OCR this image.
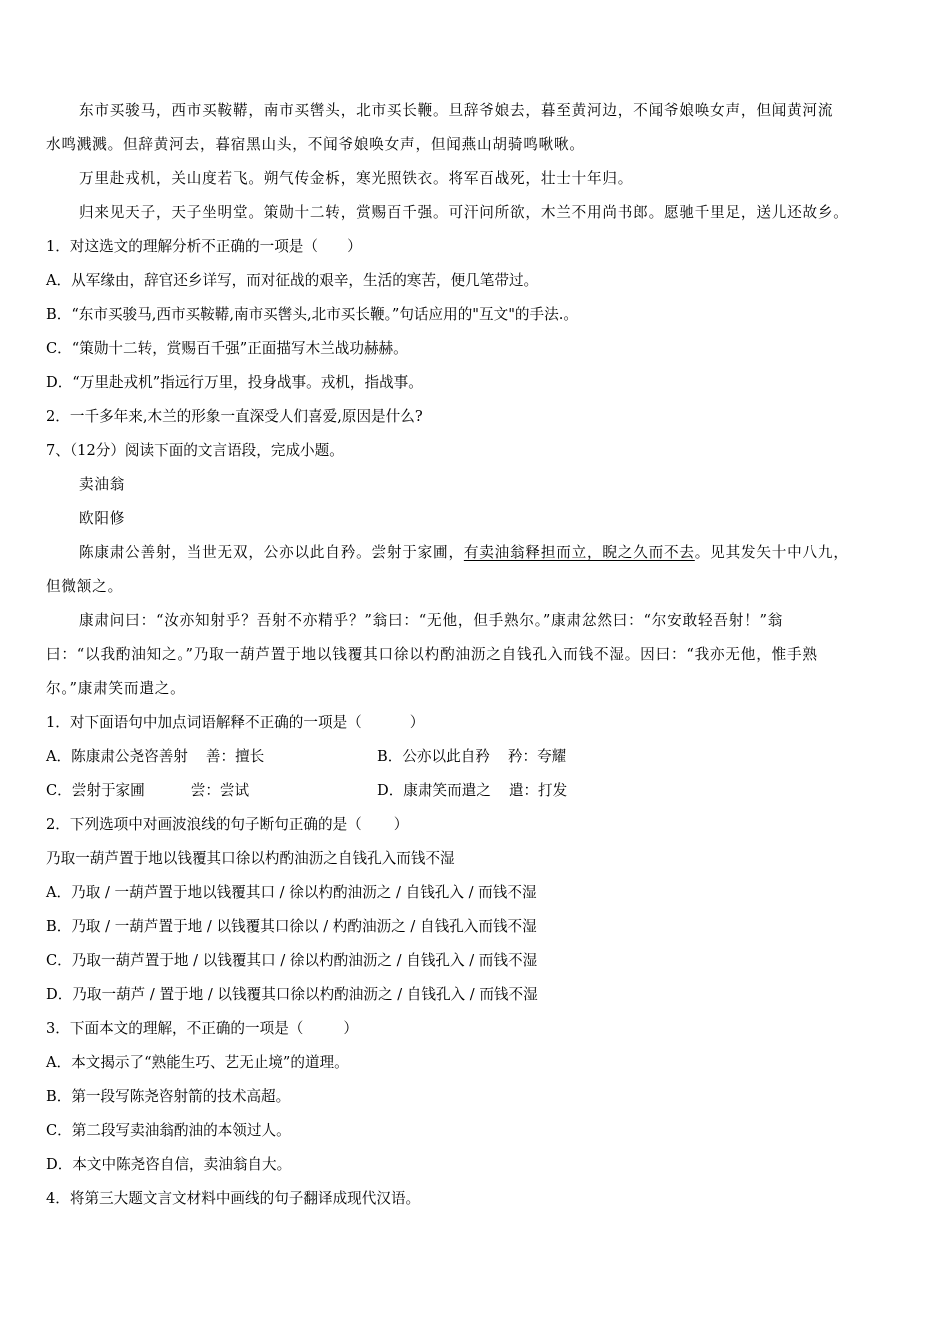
东市买骏马，西市买鞍鞯，南市买辔头，北市买长鞭。旦辞爷娘去，暮至黄河边，不闻爷娘唤女声，但闻黄河流

水鸣溅溅。但辞黄河去，暮宿黑山头，不闻爷娘唤女声，但闻燕山胡骑鸣啾啾。

万里赴戎机，关山度若飞。朔气传金柝，寒光照铁衣。将军百战死，壮士十年归。

归来见天子，天子坐明堂。策勋十二转，赏赐百千强。可汗问所欲，木兰不用尚书郎。愿驰千里足，送儿还故乡。

1．对这选文的理解分析不正确的一项是（　　）

A．从军缘由，辞官还乡详写，而对征战的艰辛，生活的寒苦，便几笔带过。

B．“东市买骏马,西市买鞍鞯,南市买辔头,北市买长鞭。”句话应用的"互文"的手法.。

C．“策勋十二转，赏赐百千强”正面描写木兰战功赫赫。

D．“万里赴戎机”指远行万里，投身战事。戎机，指战事。

2．一千多年来,木兰的形象一直深受人们喜爱,原因是什么?

7、（12分）阅读下面的文言语段，完成小题。

卖油翁

欧阳修

陈康肃公善射，当世无双，公亦以此自矜。尝射于家圃，有卖油翁释担而立，睨之久而不去。见其发矢十中八九，

但微颔之。

康肃问曰：“汝亦知射乎？吾射不亦精乎？”翁曰：“无他，但手熟尔。”康肃忿然曰：“尔安敢轻吾射！”翁

曰：“以我酌油知之。”乃取一葫芦置于地以钱覆其口徐以杓酌油沥之自钱孔入而钱不湿。因曰：“我亦无他，惟手熟

尔。”康肃笑而遣之。

1．对下面语句中加点词语解释不正确的一项是（	）

A．陈康肃公尧咨善射 善：擅长	B．公亦以此自矜 矜：夸耀

C．尝射于家圃	尝：尝试	D．康肃笑而遣之 遣：打发

2．下列选项中对画波浪线的句子断句正确的是（ ）

乃取一葫芦置于地以钱覆其口徐以杓酌油沥之自钱孔入而钱不湿

A．乃取 / 一葫芦置于地以钱覆其口 / 徐以杓酌油沥之 / 自钱孔入 / 而钱不湿

B．乃取 / 一葫芦置于地 / 以钱覆其口徐以 / 杓酌油沥之 / 自钱孔入而钱不湿

C．乃取一葫芦置于地 / 以钱覆其口 / 徐以杓酌油沥之 / 自钱孔入 / 而钱不湿

D．乃取一葫芦 / 置于地 / 以钱覆其口徐以杓酌油沥之 / 自钱孔入 / 而钱不湿

3．下面本文的理解，不正确的一项是（	）

A．本文揭示了“熟能生巧、艺无止境”的道理。

B．第一段写陈尧咨射箭的技术高超。

C．第二段写卖油翁酌油的本领过人。

D．本文中陈尧咨自信，卖油翁自大。

4．将第三大题文言文材料中画线的句子翻译成现代汉语。
